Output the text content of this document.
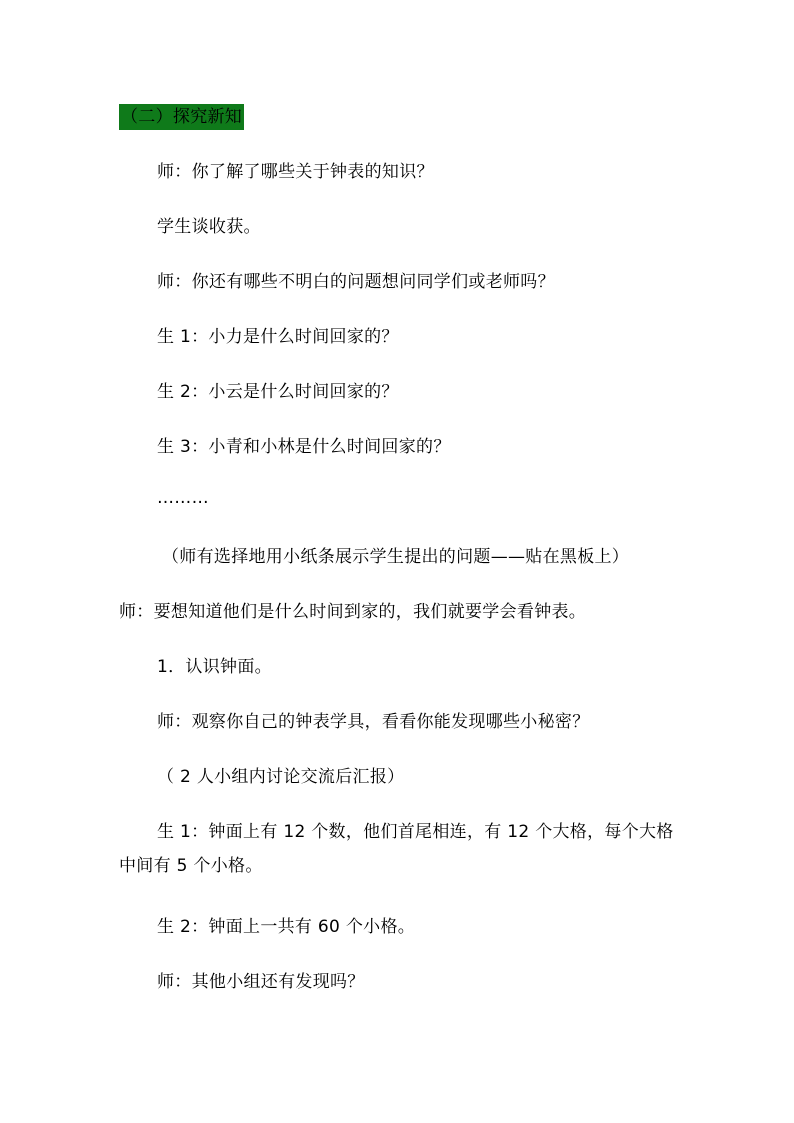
（二）探究新知
师：你了解了哪些关于钟表的知识？
学生谈收获。
师：你还有哪些不明白的问题想问同学们或老师吗？
生 1：小力是什么时间回家的？
生 2：小云是什么时间回家的？
生 3：小青和小林是什么时间回家的？
………
（师有选择地用小纸条展示学生提出的问题——贴在黑板上）
师：要想知道他们是什么时间到家的，我们就要学会看钟表。
1．认识钟面。
师：观察你自己的钟表学具，看看你能发现哪些小秘密？
（ 2 人小组内讨论交流后汇报）
生 1：钟面上有 12 个数，他们首尾相连，有 12 个大格，每个大格中间有 5 个小格。
生 2：钟面上一共有 60 个小格。
师：其他小组还有发现吗？
